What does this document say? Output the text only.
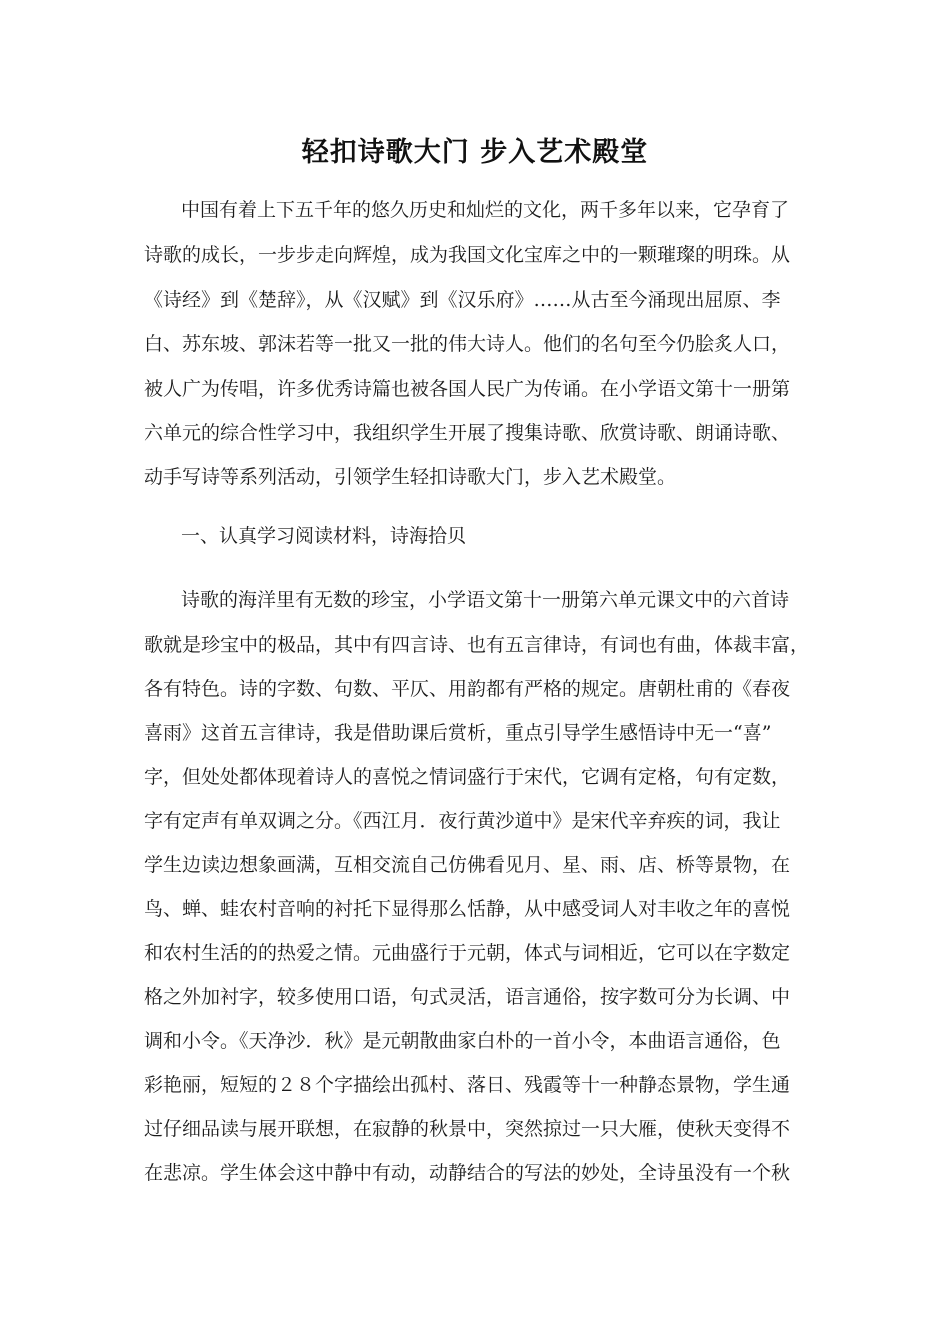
轻扣诗歌大门 步入艺术殿堂
中国有着上下五千年的悠久历史和灿烂的文化，两千多年以来，它孕育了
诗歌的成长，一步步走向辉煌，成为我国文化宝库之中的一颗璀璨的明珠。从
《诗经》到《楚辞》，从《汉赋》到《汉乐府》……从古至今涌现出屈原、李
白、苏东坡、郭沫若等一批又一批的伟大诗人。他们的名句至今仍脍炙人口，
被人广为传唱，许多优秀诗篇也被各国人民广为传诵。在小学语文第十一册第
六单元的综合性学习中，我组织学生开展了搜集诗歌、欣赏诗歌、朗诵诗歌、
动手写诗等系列活动，引领学生轻扣诗歌大门，步入艺术殿堂。
一、认真学习阅读材料，诗海拾贝
诗歌的海洋里有无数的珍宝，小学语文第十一册第六单元课文中的六首诗
歌就是珍宝中的极品，其中有四言诗、也有五言律诗，有词也有曲，体裁丰富，
各有特色。诗的字数、句数、平仄、用韵都有严格的规定。唐朝杜甫的《春夜
喜雨》这首五言律诗，我是借助课后赏析，重点引导学生感悟诗中无一“喜”
字，但处处都体现着诗人的喜悦之情词盛行于宋代，它调有定格，句有定数，
字有定声有单双调之分。《西江月．夜行黄沙道中》是宋代辛弃疾的词，我让
学生边读边想象画满，互相交流自己仿佛看见月、星、雨、店、桥等景物，在
鸟、蝉、蛙农村音响的衬托下显得那么恬静，从中感受词人对丰收之年的喜悦
和农村生活的的热爱之情。元曲盛行于元朝，体式与词相近，它可以在字数定
格之外加衬字，较多使用口语，句式灵活，语言通俗，按字数可分为长调、中
调和小令。《天净沙．秋》是元朝散曲家白朴的一首小令，本曲语言通俗，色
彩艳丽，短短的２８个字描绘出孤村、落日、残霞等十一种静态景物，学生通
过仔细品读与展开联想，在寂静的秋景中，突然掠过一只大雁，使秋天变得不
在悲凉。学生体会这中静中有动，动静结合的写法的妙处，全诗虽没有一个秋
